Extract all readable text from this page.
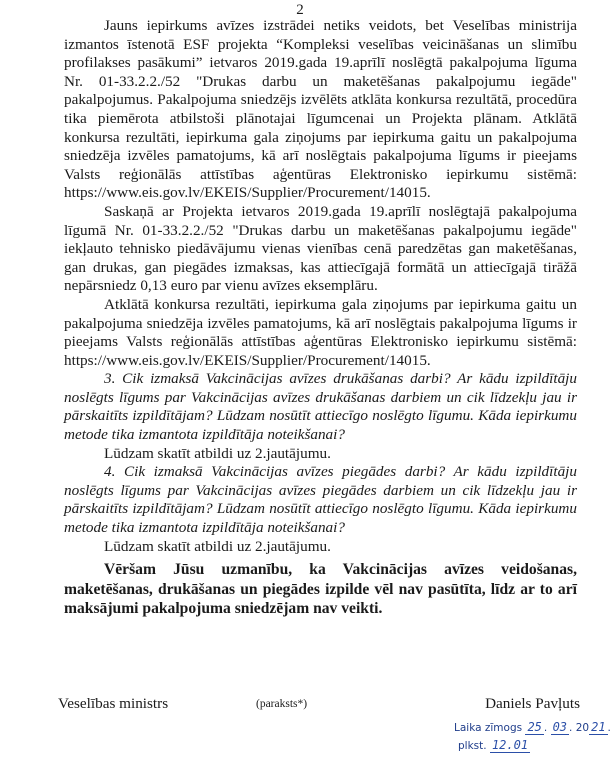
2

Jauns iepirkums avīzes izstrādei netiks veidots, bet Veselības ministrija izmantos īstenotā ESF projekta “Kompleksi veselības veicināšanas un slimību profilakses pasākumi” ietvaros 2019.gada 19.aprīlī noslēgtā pakalpojuma līguma Nr. 01-33.2.2./52 "Drukas darbu un maketēšanas pakalpojumu iegāde" pakalpojumus. Pakalpojuma sniedzējs izvēlēts atklāta konkursa rezultātā, procedūra tika piemērota atbilstoši plānotajai līgumcenai un Projekta plānam. Atklātā konkursa rezultāti, iepirkuma gala ziņojums par iepirkuma gaitu un pakalpojuma sniedzēja izvēles pamatojums, kā arī noslēgtais pakalpojuma līgums ir pieejams Valsts reģionālās attīstības aģentūras Elektronisko iepirkumu sistēmā: https://www.eis.gov.lv/EKEIS/Supplier/Procurement/14015.

Saskaņā ar Projekta ietvaros 2019.gada 19.aprīlī noslēgtajā pakalpojuma līgumā Nr. 01-33.2.2./52 "Drukas darbu un maketēšanas pakalpojumu iegāde" iekļauto tehnisko piedāvājumu vienas vienības cenā paredzētas gan maketēšanas, gan drukas, gan piegādes izmaksas, kas attiecīgajā formātā un attiecīgajā tirāžā nepārsniedz 0,13 euro par vienu avīzes eksemplāru.

Atklātā konkursa rezultāti, iepirkuma gala ziņojums par iepirkuma gaitu un pakalpojuma sniedzēja izvēles pamatojums, kā arī noslēgtais pakalpojuma līgums ir pieejams Valsts reģionālās attīstības aģentūras Elektronisko iepirkumu sistēmā: https://www.eis.gov.lv/EKEIS/Supplier/Procurement/14015.

3. Cik izmaksā Vakcinācijas avīzes drukāšanas darbi? Ar kādu izpildītāju noslēgts līgums par Vakcinācijas avīzes drukāšanas darbiem un cik līdzekļu jau ir pārskaitīts izpildītājam? Lūdzam nosūtīt attiecīgo noslēgto līgumu. Kāda iepirkumu metode tika izmantota izpildītāja noteikšanai?

Lūdzam skatīt atbildi uz 2.jautājumu.

4. Cik izmaksā Vakcinācijas avīzes piegādes darbi? Ar kādu izpildītāju noslēgts līgums par Vakcinācijas avīzes piegādes darbiem un cik līdzekļu jau ir pārskaitīts izpildītājam? Lūdzam nosūtīt attiecīgo noslēgto līgumu. Kāda iepirkumu metode tika izmantota izpildītāja noteikšanai?

Lūdzam skatīt atbildi uz 2.jautājumu.

Vēršam Jūsu uzmanību, ka Vakcinācijas avīzes veidošanas, maketēšanas, drukāšanas un piegādes izpilde vēl nav pasūtīta, līdz ar to arī maksājumi pakalpojuma sniedzējam nav veikti.

Veselības ministrs	(paraksts*)	Daniels Pavļuts
Laika zīmogs 25 . 03 . 20 21 .
plkst. 12.01
